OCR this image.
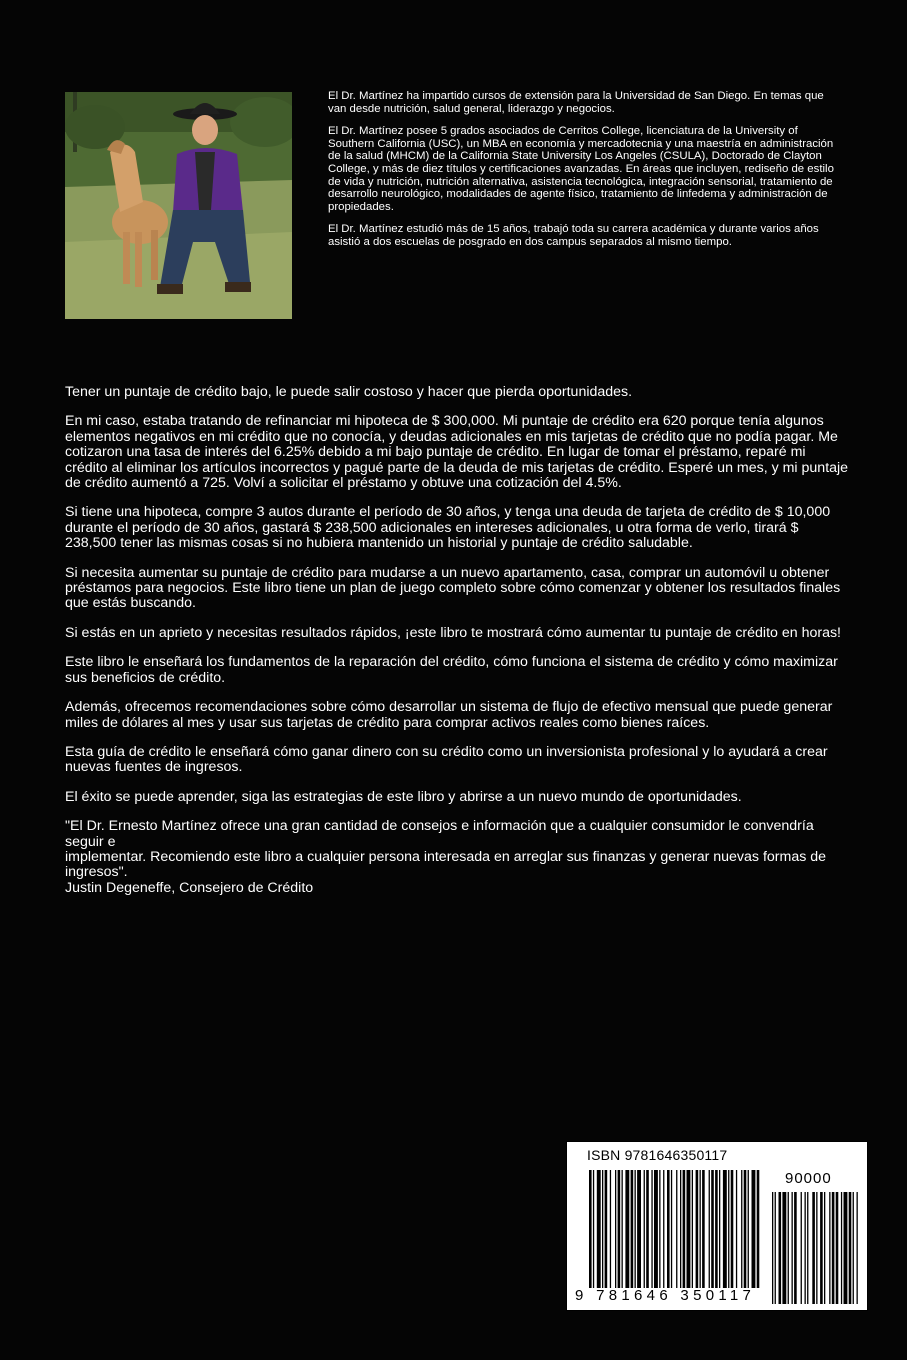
El Dr. Martínez ha impartido cursos de extensión para la Universidad de San Diego. En temas que van desde nutrición, salud general, liderazgo y negocios.

El Dr. Martínez posee 5 grados asociados de Cerritos College, licenciatura de la University of Southern California (USC), un MBA en economía y mercadotecnia y una maestría en administración de la salud (MHCM) de la California State University Los Angeles (CSULA), Doctorado de Clayton College, y más de diez títulos y certificaciones avanzadas. En áreas que incluyen, rediseño de estilo de vida y nutrición, nutrición alternativa, asistencia tecnológica, integración sensorial, tratamiento de desarrollo neurológico, modalidades de agente físico, tratamiento de linfedema y administración de propiedades.

El Dr. Martínez estudió más de 15 años, trabajó toda su carrera académica y durante varios años asistió a dos escuelas de posgrado en dos campus separados al mismo tiempo.

Tener un puntaje de crédito bajo, le puede salir costoso y hacer que pierda oportunidades.

En mi caso, estaba tratando de refinanciar mi hipoteca de $ 300,000. Mi puntaje de crédito era 620 porque tenía algunos elementos negativos en mi crédito que no conocía, y deudas adicionales en mis tarjetas de crédito que no podía pagar. Me cotizaron una tasa de interés del 6.25% debido a mi bajo puntaje de crédito. En lugar de tomar el préstamo, reparé mi crédito al eliminar los artículos incorrectos y pagué parte de la deuda de mis tarjetas de crédito. Esperé un mes, y mi puntaje de crédito aumentó a 725. Volví a solicitar el préstamo y obtuve una cotización del 4.5%.

Si tiene una hipoteca, compre 3 autos durante el período de 30 años, y tenga una deuda de tarjeta de crédito de $ 10,000 durante el período de 30 años, gastará $ 238,500 adicionales en intereses adicionales, u otra forma de verlo, tirará $ 238,500 tener las mismas cosas si no hubiera mantenido un historial y puntaje de crédito saludable.

Si necesita aumentar su puntaje de crédito para mudarse a un nuevo apartamento, casa, comprar un automóvil u obtener préstamos para negocios. Este libro tiene un plan de juego completo sobre cómo comenzar y obtener los resultados finales que estás buscando.

Si estás en un aprieto y necesitas resultados rápidos, ¡este libro te mostrará cómo aumentar tu puntaje de crédito en horas!

Este libro le enseñará los fundamentos de la reparación del crédito, cómo funciona el sistema de crédito y cómo maximizar sus beneficios de crédito.

Además, ofrecemos recomendaciones sobre cómo desarrollar un sistema de flujo de efectivo mensual que puede generar miles de dólares al mes y usar sus tarjetas de crédito para comprar activos reales como bienes raíces.

Esta guía de crédito le enseñará cómo ganar dinero con su crédito como un inversionista profesional y lo ayudará a crear nuevas fuentes de ingresos.

El éxito se puede aprender, siga las estrategias de este libro y abrirse a un nuevo mundo de oportunidades.

"El Dr. Ernesto Martínez ofrece una gran cantidad de consejos e información que a cualquier consumidor le convendría seguir e
implementar. Recomiendo este libro a cualquier persona interesada en arreglar sus finanzas y generar nuevas formas de ingresos".
Justin Degeneffe, Consejero de Crédito

ISBN 9781646350117
90000
9 781646 350117
